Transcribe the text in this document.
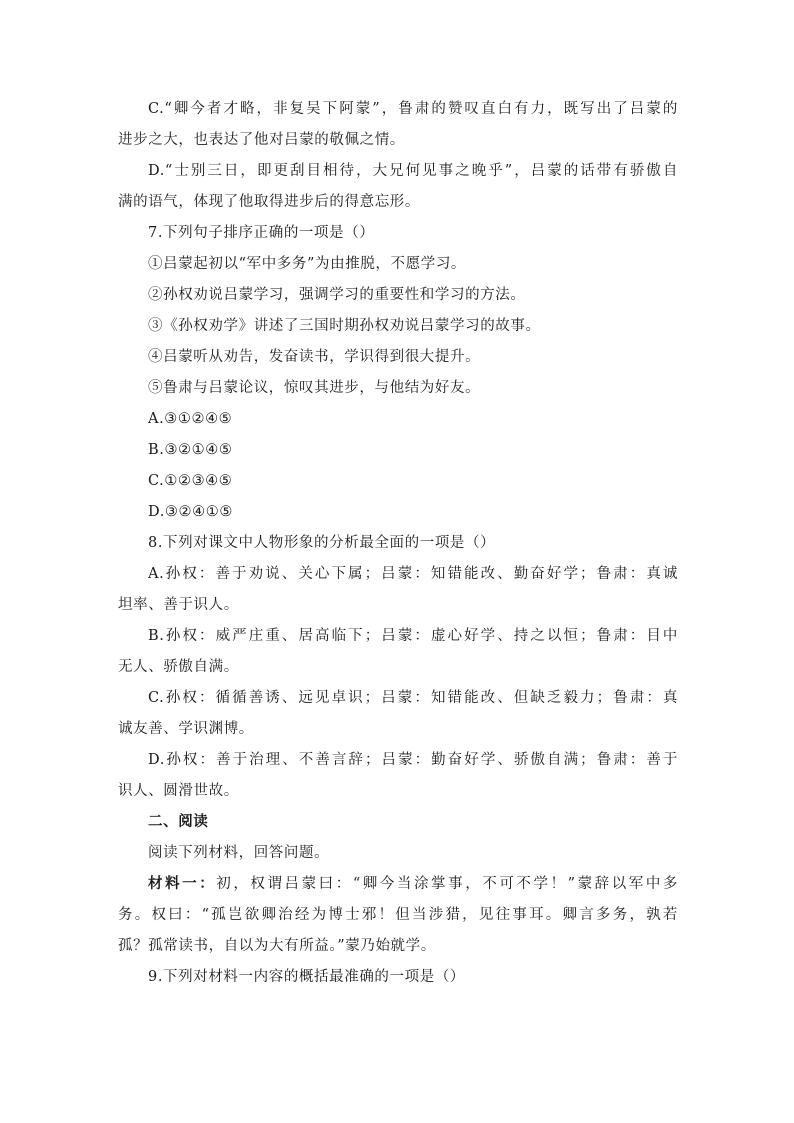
C.“卿今者才略，非复吴下阿蒙”，鲁肃的赞叹直白有力，既写出了吕蒙的
进步之大，也表达了他对吕蒙的敬佩之情。
D.“士别三日，即更刮目相待，大兄何见事之晚乎”，吕蒙的话带有骄傲自
满的语气，体现了他取得进步后的得意忘形。
7.下列句子排序正确的一项是（）
①吕蒙起初以“军中多务”为由推脱，不愿学习。
②孙权劝说吕蒙学习，强调学习的重要性和学习的方法。
③《孙权劝学》讲述了三国时期孙权劝说吕蒙学习的故事。
④吕蒙听从劝告，发奋读书，学识得到很大提升。
⑤鲁肃与吕蒙论议，惊叹其进步，与他结为好友。
A.③①②④⑤
B.③②①④⑤
C.①②③④⑤
D.③②④①⑤
8.下列对课文中人物形象的分析最全面的一项是（）
A.孙权：善于劝说、关心下属；吕蒙：知错能改、勤奋好学；鲁肃：真诚
坦率、善于识人。
B.孙权：威严庄重、居高临下；吕蒙：虚心好学、持之以恒；鲁肃：目中
无人、骄傲自满。
C.孙权：循循善诱、远见卓识；吕蒙：知错能改、但缺乏毅力；鲁肃：真
诚友善、学识渊博。
D.孙权：善于治理、不善言辞；吕蒙：勤奋好学、骄傲自满；鲁肃：善于
识人、圆滑世故。
二、阅读
阅读下列材料，回答问题。
材料一：初，权谓吕蒙曰：“卿今当涂掌事，不可不学！”蒙辞以军中多
务。权曰：“孤岂欲卿治经为博士邪！但当涉猎，见往事耳。卿言多务，孰若
孤？孤常读书，自以为大有所益。”蒙乃始就学。
9.下列对材料一内容的概括最准确的一项是（）
